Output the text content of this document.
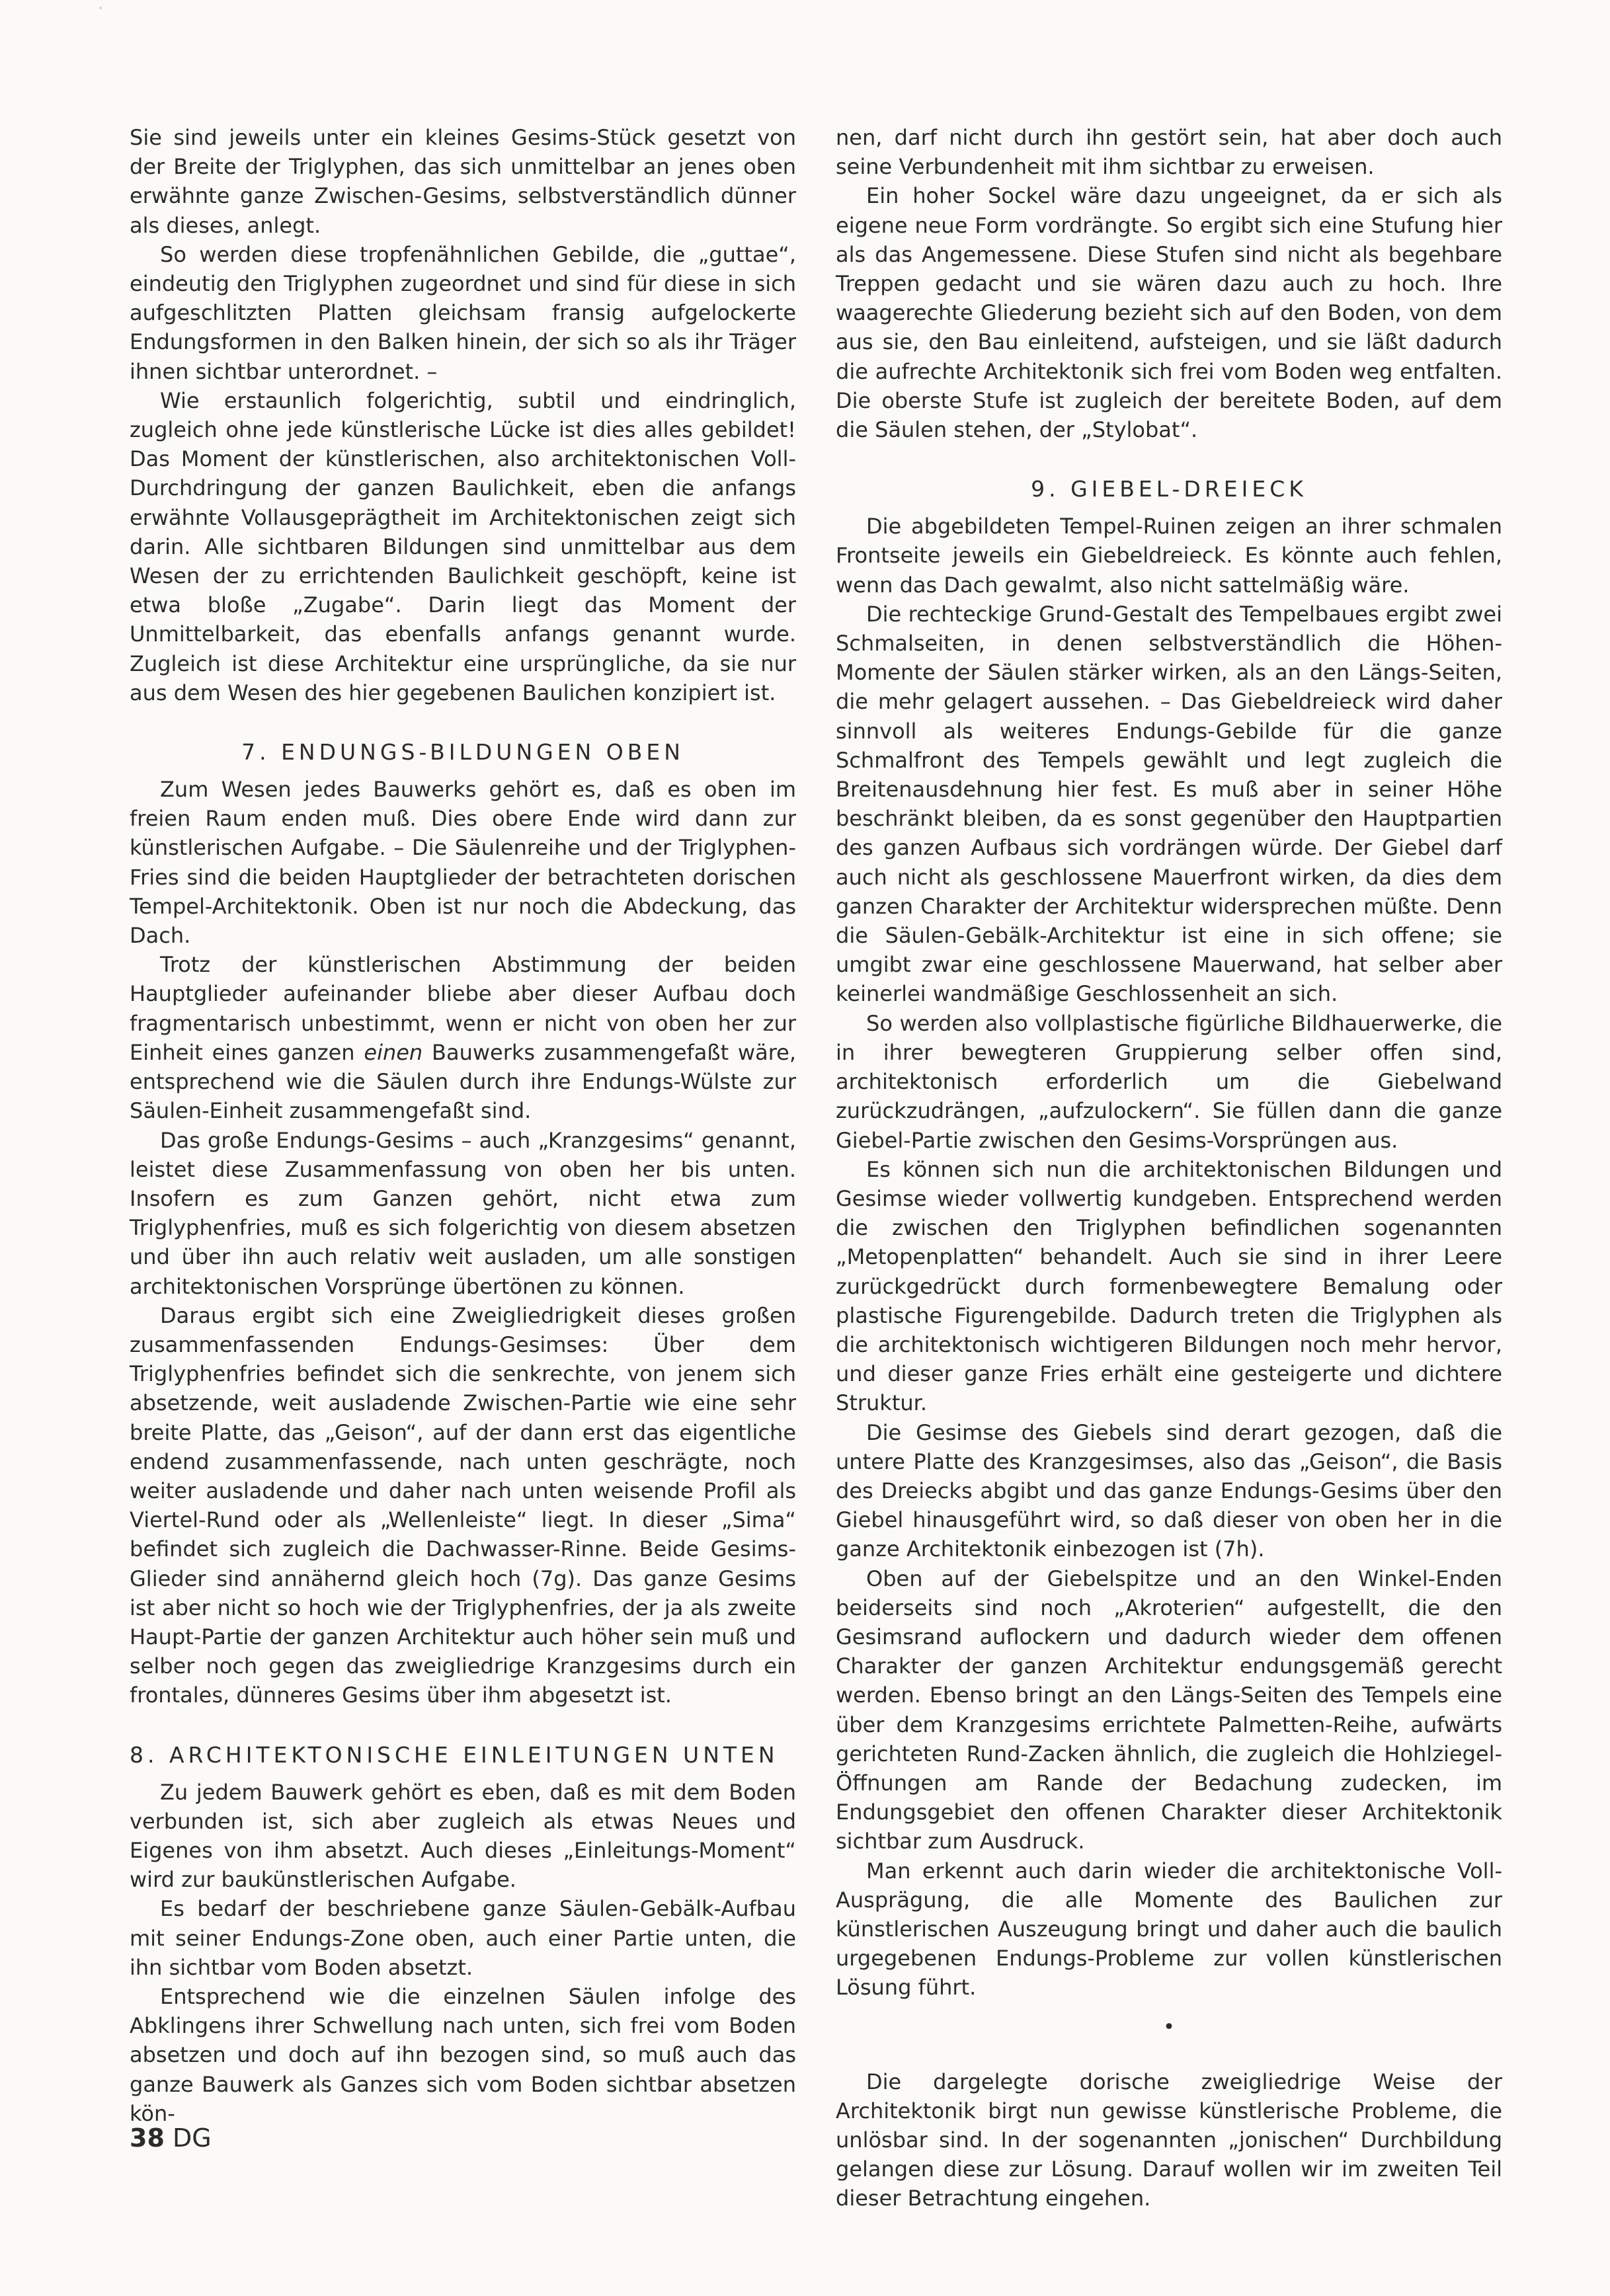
Sie sind jeweils unter ein kleines Gesims-Stück gesetzt von der Breite der Triglyphen, das sich unmittelbar an jenes oben erwähnte ganze Zwischen-Gesims, selbstverständlich dünner als dieses, anlegt.

So werden diese tropfenähnlichen Gebilde, die „guttae“, eindeutig den Triglyphen zugeordnet und sind für diese in sich aufgeschlitzten Platten gleichsam fransig aufgelockerte Endungsformen in den Balken hinein, der sich so als ihr Träger ihnen sichtbar unterordnet. –

Wie erstaunlich folgerichtig, subtil und eindringlich, zugleich ohne jede künstlerische Lücke ist dies alles gebildet! Das Moment der künstlerischen, also architektonischen Voll-Durchdringung der ganzen Baulichkeit, eben die anfangs erwähnte Vollausgeprägtheit im Architektonischen zeigt sich darin. Alle sichtbaren Bildungen sind unmittelbar aus dem Wesen der zu errichtenden Baulichkeit geschöpft, keine ist etwa bloße „Zugabe“. Darin liegt das Moment der Unmittelbarkeit, das ebenfalls anfangs genannt wurde. Zugleich ist diese Architektur eine ursprüngliche, da sie nur aus dem Wesen des hier gegebenen Baulichen konzipiert ist.

7. ENDUNGS-BILDUNGEN OBEN

Zum Wesen jedes Bauwerks gehört es, daß es oben im freien Raum enden muß. Dies obere Ende wird dann zur künstlerischen Aufgabe. – Die Säulenreihe und der Triglyphen-Fries sind die beiden Hauptglieder der betrachteten dorischen Tempel-Architektonik. Oben ist nur noch die Abdeckung, das Dach.

Trotz der künstlerischen Abstimmung der beiden Hauptglieder aufeinander bliebe aber dieser Aufbau doch fragmentarisch unbestimmt, wenn er nicht von oben her zur Einheit eines ganzen einen Bauwerks zusammengefaßt wäre, entsprechend wie die Säulen durch ihre Endungs-Wülste zur Säulen-Einheit zusammengefaßt sind.

Das große Endungs-Gesims – auch „Kranzgesims“ genannt, leistet diese Zusammenfassung von oben her bis unten. Insofern es zum Ganzen gehört, nicht etwa zum Triglyphenfries, muß es sich folgerichtig von diesem absetzen und über ihn auch relativ weit ausladen, um alle sonstigen architektonischen Vorsprünge übertönen zu können.

Daraus ergibt sich eine Zweigliedrigkeit dieses großen zusammenfassenden Endungs-Gesimses: Über dem Triglyphenfries befindet sich die senkrechte, von jenem sich absetzende, weit ausladende Zwischen-Partie wie eine sehr breite Platte, das „Geison“, auf der dann erst das eigentliche endend zusammenfassende, nach unten geschrägte, noch weiter ausladende und daher nach unten weisende Profil als Viertel-Rund oder als „Wellenleiste“ liegt. In dieser „Sima“ befindet sich zugleich die Dachwasser-Rinne. Beide Gesims-Glieder sind annähernd gleich hoch (7g). Das ganze Gesims ist aber nicht so hoch wie der Triglyphenfries, der ja als zweite Haupt-Partie der ganzen Architektur auch höher sein muß und selber noch gegen das zweigliedrige Kranzgesims durch ein frontales, dünneres Gesims über ihm abgesetzt ist.

8. ARCHITEKTONISCHE EINLEITUNGEN UNTEN

Zu jedem Bauwerk gehört es eben, daß es mit dem Boden verbunden ist, sich aber zugleich als etwas Neues und Eigenes von ihm absetzt. Auch dieses „Einleitungs-Moment“ wird zur baukünstlerischen Aufgabe.

Es bedarf der beschriebene ganze Säulen-Gebälk-Aufbau mit seiner Endungs-Zone oben, auch einer Partie unten, die ihn sichtbar vom Boden absetzt.

Entsprechend wie die einzelnen Säulen infolge des Abklingens ihrer Schwellung nach unten, sich frei vom Boden absetzen und doch auf ihn bezogen sind, so muß auch das ganze Bauwerk als Ganzes sich vom Boden sichtbar absetzen kön-

nen, darf nicht durch ihn gestört sein, hat aber doch auch seine Verbundenheit mit ihm sichtbar zu erweisen.

Ein hoher Sockel wäre dazu ungeeignet, da er sich als eigene neue Form vordrängte. So ergibt sich eine Stufung hier als das Angemessene. Diese Stufen sind nicht als begehbare Treppen gedacht und sie wären dazu auch zu hoch. Ihre waagerechte Gliederung bezieht sich auf den Boden, von dem aus sie, den Bau einleitend, aufsteigen, und sie läßt dadurch die aufrechte Architektonik sich frei vom Boden weg entfalten. Die oberste Stufe ist zugleich der bereitete Boden, auf dem die Säulen stehen, der „Stylobat“.

9. GIEBEL-DREIECK

Die abgebildeten Tempel-Ruinen zeigen an ihrer schmalen Frontseite jeweils ein Giebeldreieck. Es könnte auch fehlen, wenn das Dach gewalmt, also nicht sattelmäßig wäre.

Die rechteckige Grund-Gestalt des Tempelbaues ergibt zwei Schmalseiten, in denen selbstverständlich die Höhen-Momente der Säulen stärker wirken, als an den Längs-Seiten, die mehr gelagert aussehen. – Das Giebeldreieck wird daher sinnvoll als weiteres Endungs-Gebilde für die ganze Schmalfront des Tempels gewählt und legt zugleich die Breitenausdehnung hier fest. Es muß aber in seiner Höhe beschränkt bleiben, da es sonst gegenüber den Hauptpartien des ganzen Aufbaus sich vordrängen würde. Der Giebel darf auch nicht als geschlossene Mauerfront wirken, da dies dem ganzen Charakter der Architektur widersprechen müßte. Denn die Säulen-Gebälk-Architektur ist eine in sich offene; sie umgibt zwar eine geschlossene Mauerwand, hat selber aber keinerlei wandmäßige Geschlossenheit an sich.

So werden also vollplastische figürliche Bildhauerwerke, die in ihrer bewegteren Gruppierung selber offen sind, architektonisch erforderlich um die Giebelwand zurückzudrängen, „aufzulockern“. Sie füllen dann die ganze Giebel-Partie zwischen den Gesims-Vorsprüngen aus.

Es können sich nun die architektonischen Bildungen und Gesimse wieder vollwertig kundgeben. Entsprechend werden die zwischen den Triglyphen befindlichen sogenannten „Metopenplatten“ behandelt. Auch sie sind in ihrer Leere zurückgedrückt durch formenbewegtere Bemalung oder plastische Figurengebilde. Dadurch treten die Triglyphen als die architektonisch wichtigeren Bildungen noch mehr hervor, und dieser ganze Fries erhält eine gesteigerte und dichtere Struktur.

Die Gesimse des Giebels sind derart gezogen, daß die untere Platte des Kranzgesimses, also das „Geison“, die Basis des Dreiecks abgibt und das ganze Endungs-Gesims über den Giebel hinausgeführt wird, so daß dieser von oben her in die ganze Architektonik einbezogen ist (7h).

Oben auf der Giebelspitze und an den Winkel-Enden beiderseits sind noch „Akroterien“ aufgestellt, die den Gesimsrand auflockern und dadurch wieder dem offenen Charakter der ganzen Architektur endungsgemäß gerecht werden. Ebenso bringt an den Längs-Seiten des Tempels eine über dem Kranzgesims errichtete Palmetten-Reihe, aufwärts gerichteten Rund-Zacken ähnlich, die zugleich die Hohlziegel-Öffnungen am Rande der Bedachung zudecken, im Endungsgebiet den offenen Charakter dieser Architektonik sichtbar zum Ausdruck.

Man erkennt auch darin wieder die architektonische Voll-Ausprägung, die alle Momente des Baulichen zur künstlerischen Auszeugung bringt und daher auch die baulich urgegebenen Endungs-Probleme zur vollen künstlerischen Lösung führt.

•

Die dargelegte dorische zweigliedrige Weise der Architektonik birgt nun gewisse künstlerische Probleme, die unlösbar sind. In der sogenannten „jonischen“ Durchbildung gelangen diese zur Lösung. Darauf wollen wir im zweiten Teil dieser Betrachtung eingehen.

38 DG
